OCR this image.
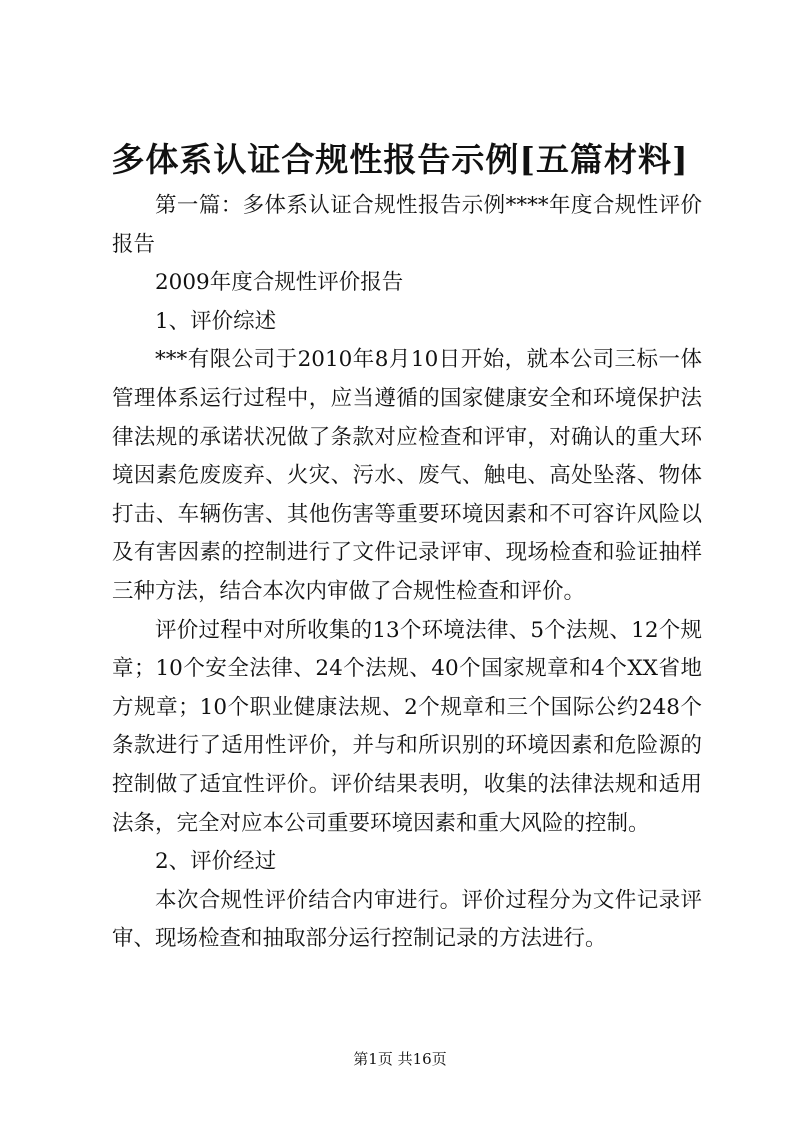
多体系认证合规性报告示例[五篇材料]

第一篇：多体系认证合规性报告示例****年度合规性评价报告

2009年度合规性评价报告

1、评价综述

***有限公司于2010年8月10日开始，就本公司三标一体管理体系运行过程中，应当遵循的国家健康安全和环境保护法律法规的承诺状况做了条款对应检查和评审，对确认的重大环境因素危废废弃、火灾、污水、废气、触电、高处坠落、物体打击、车辆伤害、其他伤害等重要环境因素和不可容许风险以及有害因素的控制进行了文件记录评审、现场检查和验证抽样三种方法，结合本次内审做了合规性检查和评价。

评价过程中对所收集的13个环境法律、5个法规、12个规章；10个安全法律、24个法规、40个国家规章和4个XX省地方规章；10个职业健康法规、2个规章和三个国际公约248个条款进行了适用性评价，并与和所识别的环境因素和危险源的控制做了适宜性评价。评价结果表明，收集的法律法规和适用法条，完全对应本公司重要环境因素和重大风险的控制。

2、评价经过

本次合规性评价结合内审进行。评价过程分为文件记录评审、现场检查和抽取部分运行控制记录的方法进行。

第1页 共16页
